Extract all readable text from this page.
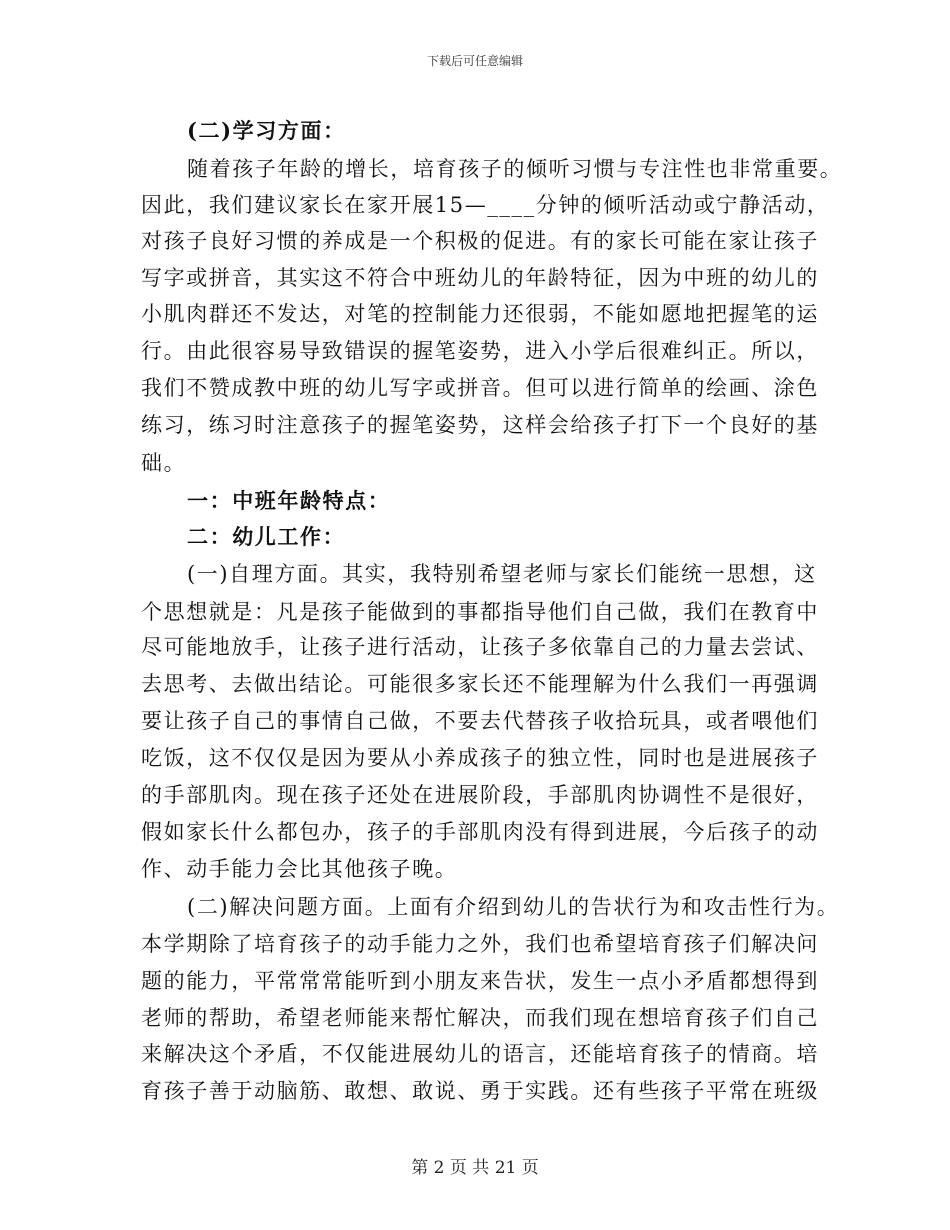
下载后可任意编辑
(二)学习方面：
随着孩子年龄的增长，培育孩子的倾听习惯与专注性也非常重要。
因此，我们建议家长在家开展15—____分钟的倾听活动或宁静活动，
对孩子良好习惯的养成是一个积极的促进。有的家长可能在家让孩子
写字或拼音，其实这不符合中班幼儿的年龄特征，因为中班的幼儿的
小肌肉群还不发达，对笔的控制能力还很弱，不能如愿地把握笔的运
行。由此很容易导致错误的握笔姿势，进入小学后很难纠正。所以，
我们不赞成教中班的幼儿写字或拼音。但可以进行简单的绘画、涂色
练习，练习时注意孩子的握笔姿势，这样会给孩子打下一个良好的基
础。
一：中班年龄特点：
二：幼儿工作：
(一)自理方面。其实，我特别希望老师与家长们能统一思想，这
个思想就是：凡是孩子能做到的事都指导他们自己做，我们在教育中
尽可能地放手，让孩子进行活动，让孩子多依靠自己的力量去尝试、
去思考、去做出结论。可能很多家长还不能理解为什么我们一再强调
要让孩子自己的事情自己做，不要去代替孩子收拾玩具，或者喂他们
吃饭，这不仅仅是因为要从小养成孩子的独立性，同时也是进展孩子
的手部肌肉。现在孩子还处在进展阶段，手部肌肉协调性不是很好，
假如家长什么都包办，孩子的手部肌肉没有得到进展，今后孩子的动
作、动手能力会比其他孩子晚。
(二)解决问题方面。上面有介绍到幼儿的告状行为和攻击性行为。
本学期除了培育孩子的动手能力之外，我们也希望培育孩子们解决问
题的能力，平常常常能听到小朋友来告状，发生一点小矛盾都想得到
老师的帮助，希望老师能来帮忙解决，而我们现在想培育孩子们自己
来解决这个矛盾，不仅能进展幼儿的语言，还能培育孩子的情商。培
育孩子善于动脑筋、敢想、敢说、勇于实践。还有些孩子平常在班级
第 2 页 共 21 页
